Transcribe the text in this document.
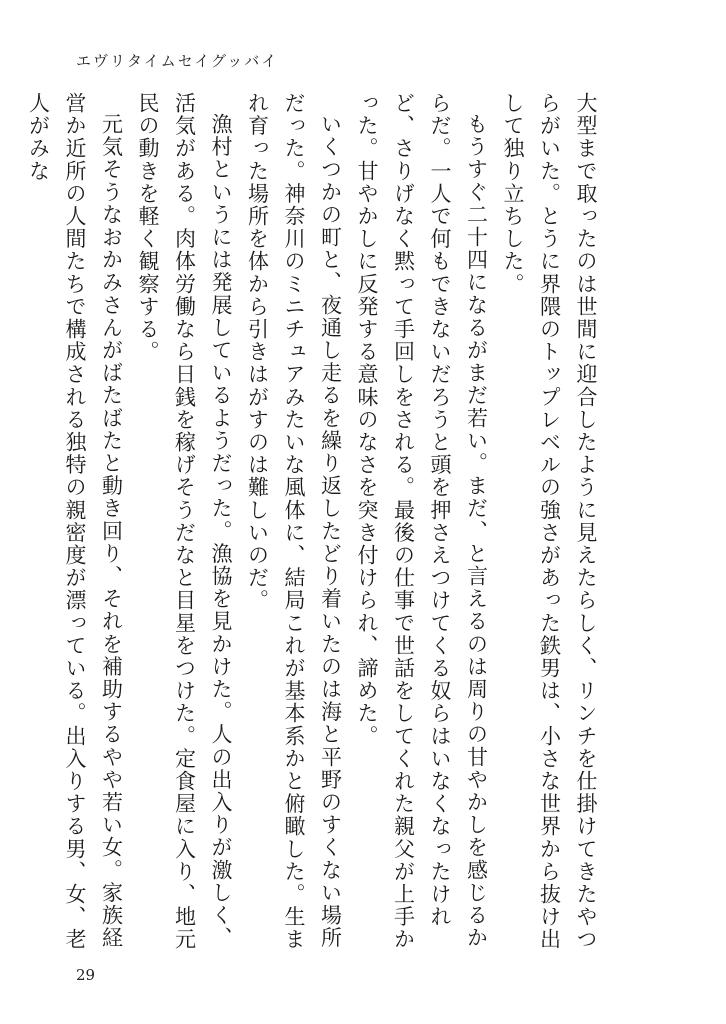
エヴリタイムセイグッバイ

大型まで取ったのは世間に迎合したように見えたらしく、リンチを仕掛けてきたやつらがいた。とうに界隈のトップレベルの強さがあった鉄男は、小さな世界から抜け出して独り立ちした。

もうすぐ二十四になるがまだ若い。まだ、と言えるのは周りの甘やかしを感じるからだ。一人で何もできないだろうと頭を押さえつけてくる奴らはいなくなったけれど、さりげなく黙って手回しをされる。最後の仕事で世話をしてくれた親父が上手かった。甘やかしに反発する意味のなさを突き付けられ、諦めた。

いくつかの町と、夜通し走るを繰り返したどり着いたのは海と平野のすくない場所だった。神奈川のミニチュアみたいな風体に、結局これが基本系かと俯瞰した。生まれ育った場所を体から引きはがすのは難しいのだ。

漁村というには発展しているようだった。漁協を見かけた。人の出入りが激しく、活気がある。肉体労働なら日銭を稼げそうだなと目星をつけた。定食屋に入り、地元民の動きを軽く観察する。

元気そうなおかみさんがばたばたと動き回り、それを補助するやや若い女。家族経営か近所の人間たちで構成される独特の親密度が漂っている。出入りする男、女、老人がみな

29
